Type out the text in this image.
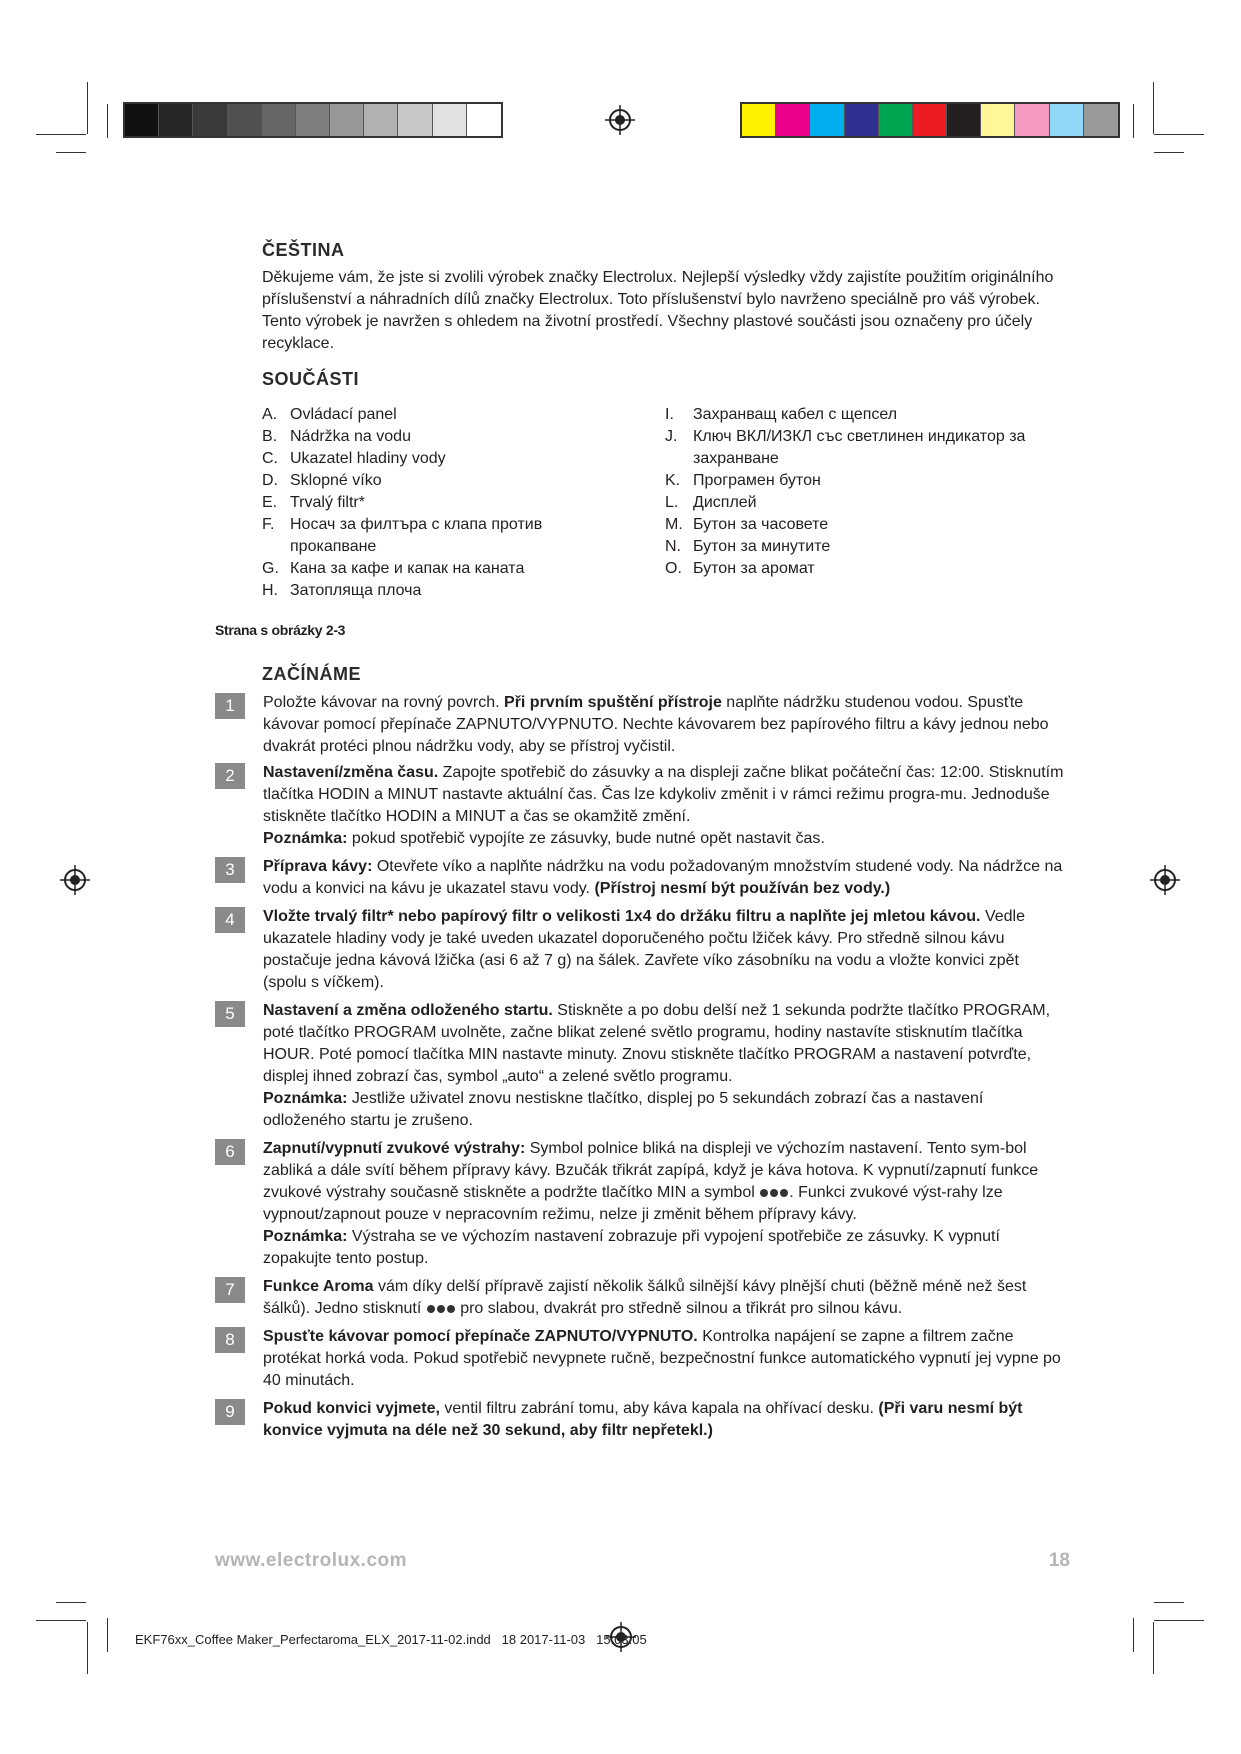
ČEŠTINA
Děkujeme vám, že jste si zvolili výrobek značky Electrolux. Nejlepší výsledky vždy zajistíte použitím originálního příslušenství a náhradních dílů značky Electrolux. Toto příslušenství bylo navrženo speciálně pro váš výrobek. Tento výrobek je navržen s ohledem na životní prostředí. Všechny plastové součásti jsou označeny pro účely recyklace.
SOUČÁSTI
A. Ovládací panel
B. Nádržka na vodu
C. Ukazatel hladiny vody
D. Sklopné víko
E. Trvalý filtr*
F. Носач за филтъра с клапа против
прокапване
G. Кана за кафе и капак на каната
H. Затопляща плоча
I. Захранващ кабел с щепсел
J. Ключ ВКЛ/ИЗКЛ със светлинен индикатор за
захранване
K. Програмен бутон
L. Дисплей
M. Бутон за часовете
N. Бутон за минутите
O. Бутон за аромат
Strana s obrázky 2-3
ZAČÍNÁME
1	Položte kávovar na rovný povrch. Při prvním spuštění přístroje naplňte nádržku studenou vodou. Spusťte kávovar pomocí přepínače ZAPNUTO/VYPNUTO. Nechte kávovarem bez papírového filtru a kávy jednou nebo dvakrát protéci plnou nádržku vody, aby se přístroj vyčistil.
2	Nastavení/změna času. Zapojte spotřebič do zásuvky a na displeji začne blikat počáteční čas: 12:00. Stisknutím tlačítka HODIN a MINUT nastavte aktuální čas. Čas lze kdykoliv změnit i v rámci režimu progra-mu. Jednoduše stiskněte tlačítko HODIN a MINUT a čas se okamžitě změní.
Poznámka: pokud spotřebič vypojíte ze zásuvky, bude nutné opět nastavit čas.
3	Příprava kávy: Otevřete víko a naplňte nádržku na vodu požadovaným množstvím studené vody. Na nádržce na vodu a konvici na kávu je ukazatel stavu vody. (Přístroj nesmí být používán bez vody.)
4	Vložte trvalý filtr* nebo papírový filtr o velikosti 1x4 do držáku filtru a naplňte jej mletou kávou. Vedle ukazatele hladiny vody je také uveden ukazatel doporučeného počtu lžiček kávy. Pro středně silnou kávu postačuje jedna kávová lžička (asi 6 až 7 g) na šálek. Zavřete víko zásobníku na vodu a vložte konvici zpět (spolu s víčkem).
5	Nastavení a změna odloženého startu. Stiskněte a po dobu delší než 1 sekunda podržte tlačítko PROGRAM, poté tlačítko PROGRAM uvolněte, začne blikat zelené světlo programu, hodiny nastavíte stisknutím tlačítka HOUR. Poté pomocí tlačítka MIN nastavte minuty. Znovu stiskněte tlačítko PROGRAM a nastavení potvrďte, displej ihned zobrazí čas, symbol „auto“ a zelené světlo programu.
Poznámka: Jestliže uživatel znovu nestiskne tlačítko, displej po 5 sekundách zobrazí čas a nastavení odloženého startu je zrušeno.
6	Zapnutí/vypnutí zvukové výstrahy: Symbol polnice bliká na displeji ve výchozím nastavení. Tento sym-bol zabliká a dále svítí během přípravy kávy. Bzučák třikrát zapípá, když je káva hotova. K vypnutí/zapnutí funkce zvukové výstrahy současně stiskněte a podržte tlačítko MIN a symbol . Funkci zvukové výst-rahy lze vypnout/zapnout pouze v nepracovním režimu, nelze ji změnit během přípravy kávy.
Poznámka: Výstraha se ve výchozím nastavení zobrazuje při vypojení spotřebiče ze zásuvky. K vypnutí zopakujte tento postup.
7	Funkce Aroma vám díky delší přípravě zajistí několik šálků silnější kávy plnější chuti (běžně méně než šest šálků). Jedno stisknutí  pro slabou, dvakrát pro středně silnou a třikrát pro silnou kávu.
8	Spusťte kávovar pomocí přepínače ZAPNUTO/VYPNUTO. Kontrolka napájení se zapne a filtrem začne protékat horká voda. Pokud spotřebič nevypnete ručně, bezpečnostní funkce automatického vypnutí jej vypne po 40 minutách.
9	Pokud konvici vyjmete, ventil filtru zabrání tomu, aby káva kapala na ohřívací desku. (Při varu nesmí být konvice vyjmuta na déle než 30 sekund, aby filtr nepřetekl.)
www.electrolux.com	18
EKF76xx_Coffee Maker_Perfectaroma_ELX_2017-11-02.indd   18 2017-11-03 15:03:05
